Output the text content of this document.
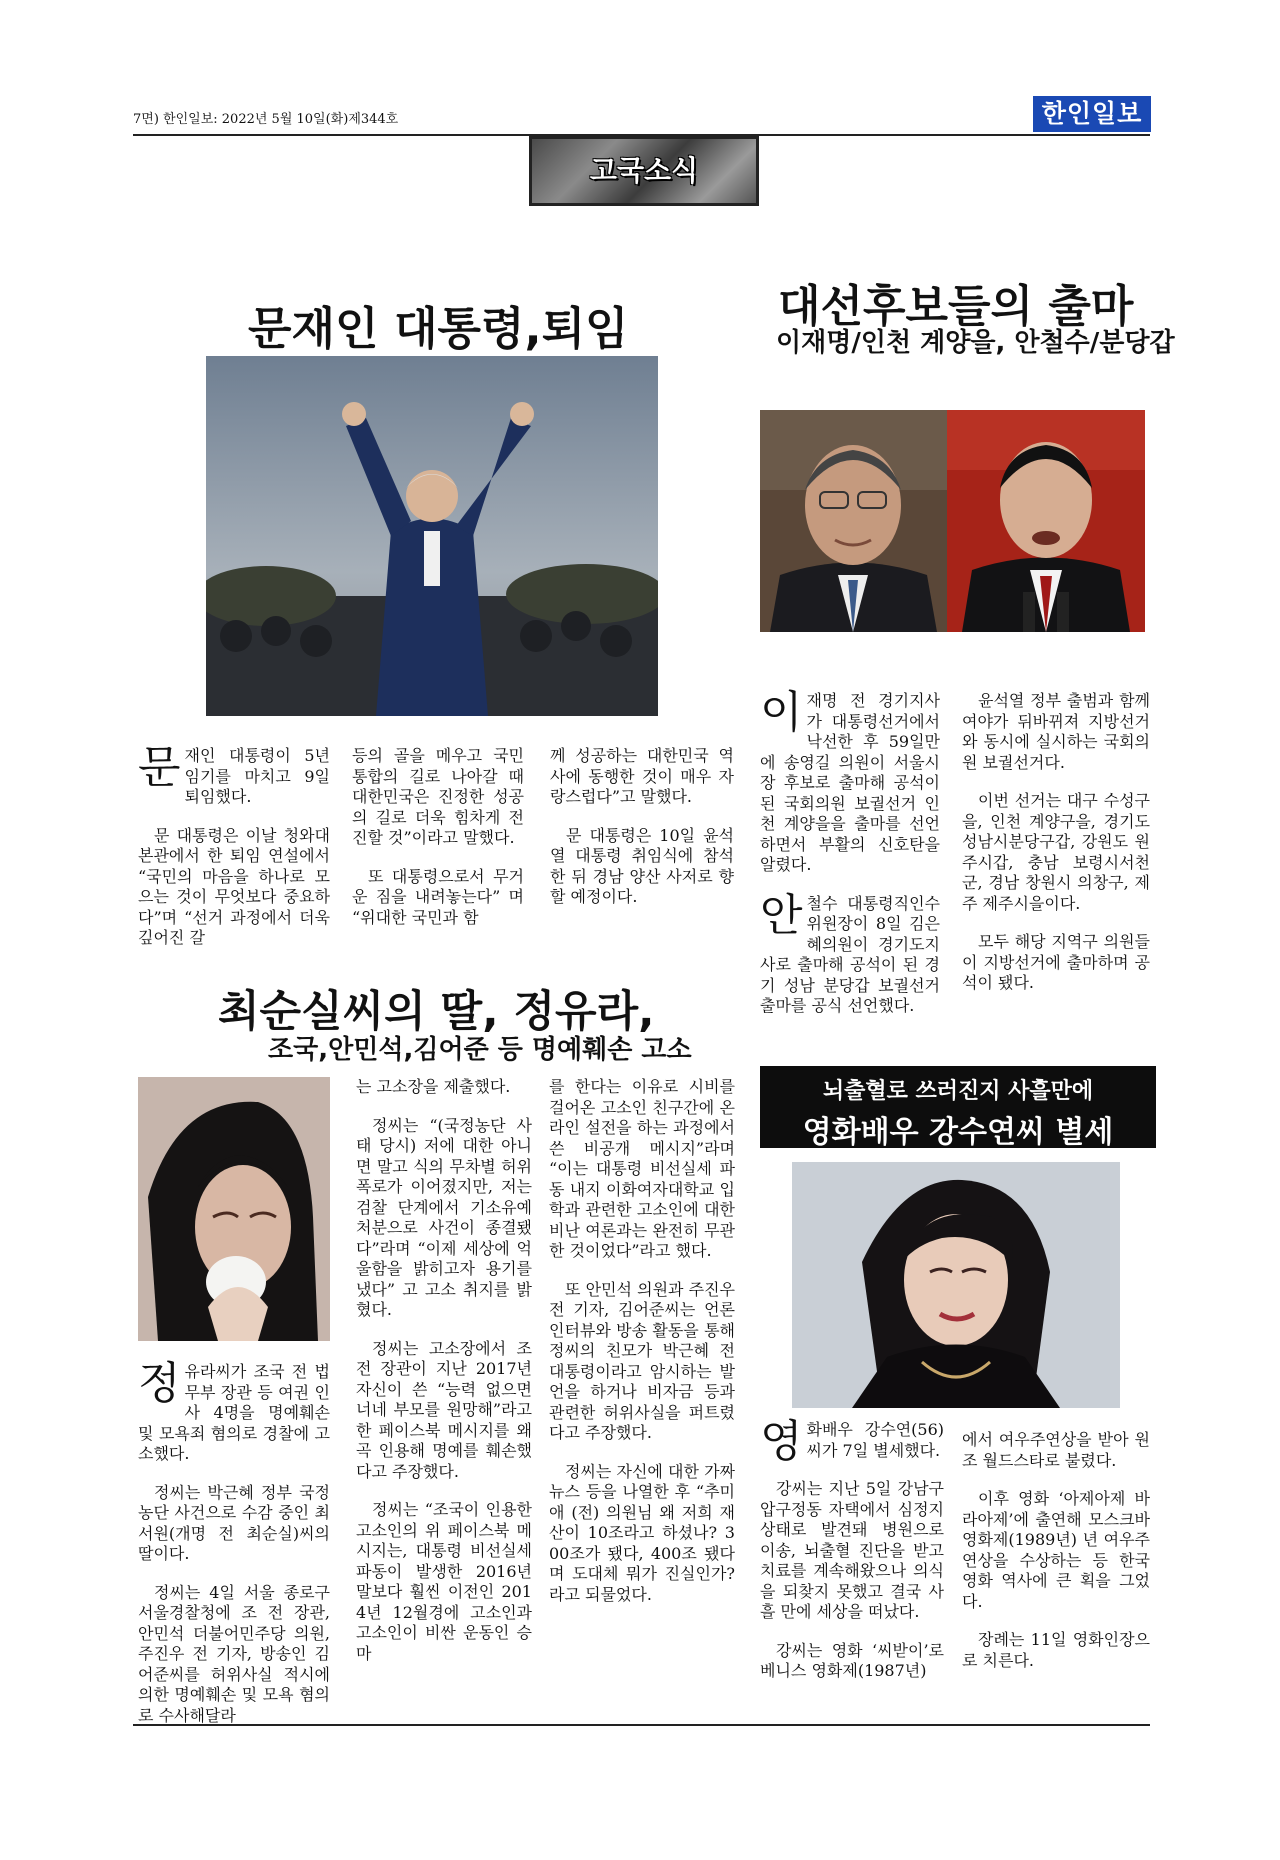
7면) 한인일보: 2022년 5월 10일(화)제344호	한인일보
고국소식
문재인 대통령,퇴임

문재인 대통령이 5년 임기를 마치고 9일 퇴임했다.

문 대통령은 이날 청와대 본관에서 한 퇴임 연설에서 “국민의 마음을 하나로 모으는 것이 무엇보다 중요하다”며 “선거 과정에서 더욱 깊어진 갈

등의 골을 메우고 국민 통합의 길로 나아갈 때 대한민국은 진정한 성공의 길로 더욱 힘차게 전진할 것”이라고 말했다.

또 대통령으로서 무거운 짐을 내려놓는다” 며 “위대한 국민과 함

께 성공하는 대한민국 역사에 동행한 것이 매우 자랑스럽다”고 말했다.

문 대통령은 10일 윤석열 대통령 취임식에 참석한 뒤 경남 양산 사저로 향할 예정이다.

대선후보들의 출마
이재명/인천 계양을, 안철수/분당갑

이재명 전 경기지사가 대통령선거에서 낙선한 후 59일만에 송영길 의원이 서울시장 후보로 출마해 공석이 된 국회의원 보궐선거 인천 계양을을 출마를 선언하면서 부활의 신호탄을 알렸다.

안철수 대통령직인수위원장이 8일 김은혜의원이 경기도지사로 출마해 공석이 된 경기 성남 분당갑 보궐선거 출마를 공식 선언했다.

윤석열 정부 출범과 함께 여야가 뒤바뀌져 지방선거와 동시에 실시하는 국회의원 보궐선거다.

이번 선거는 대구 수성구을, 인천 계양구을, 경기도 성남시분당구갑, 강원도 원주시갑, 충남 보령시서천군, 경남 창원시 의창구, 제주 제주시을이다.

모두 해당 지역구 의원들이 지방선거에 출마하며 공석이 됐다.

최순실씨의 딸, 정유라,
조국,안민석,김어준 등 명예훼손 고소

정유라씨가 조국 전 법무부 장관 등 여권 인사 4명을 명예훼손 및 모욕죄 혐의로 경찰에 고소했다.

정씨는 박근혜 정부 국정농단 사건으로 수감 중인 최서원(개명 전 최순실)씨의 딸이다.

정씨는 4일 서울 종로구 서울경찰청에 조 전 장관, 안민석 더불어민주당 의원, 주진우 전 기자, 방송인 김어준씨를 허위사실 적시에 의한 명예훼손 및 모욕 혐의로 수사해달라

는 고소장을 제출했다.

정씨는 “(국정농단 사태 당시) 저에 대한 아니면 말고 식의 무차별 허위 폭로가 이어졌지만, 저는 검찰 단계에서 기소유예 처분으로 사건이 종결됐다”라며 “이제 세상에 억울함을 밝히고자 용기를 냈다” 고 고소 취지를 밝혔다.

정씨는 고소장에서 조 전 장관이 지난 2017년 자신이 쓴 “능력 없으면 너네 부모를 원망해”라고 한 페이스북 메시지를 왜곡 인용해 명예를 훼손했다고 주장했다.

정씨는 “조국이 인용한 고소인의 위 페이스북 메시지는, 대통령 비선실세 파동이 발생한 2016년 말보다 훨씬 이전인 2014년 12월경에 고소인과 고소인이 비싼 운동인 승마

를 한다는 이유로 시비를 걸어온 고소인 친구간에 온라인 설전을 하는 과정에서 쓴 비공개 메시지”라며 “이는 대통령 비선실세 파동 내지 이화여자대학교 입학과 관련한 고소인에 대한 비난 여론과는 완전히 무관한 것이었다”라고 했다.

또 안민석 의원과 주진우 전 기자, 김어준씨는 언론 인터뷰와 방송 활동을 통해 정씨의 친모가 박근혜 전 대통령이라고 암시하는 발언을 하거나 비자금 등과 관련한 허위사실을 퍼트렸다고 주장했다.

정씨는 자신에 대한 가짜뉴스 등을 나열한 후 “추미애 (전) 의원님 왜 저희 재산이 10조라고 하셨나? 300조가 됐다, 400조 됐다며 도대체 뭐가 진실인가? 라고 되물었다.

뇌출혈로 쓰러진지 사흘만에
영화배우 강수연씨 별세

영화배우 강수연(56)씨가 7일 별세했다.

강씨는 지난 5일 강남구 압구정동 자택에서 심정지 상태로 발견돼 병원으로 이송, 뇌출혈 진단을 받고 치료를 계속해왔으나 의식을 되찾지 못했고 결국 사흘 만에 세상을 떠났다.

강씨는 영화 ‘씨받이’로 베니스 영화제(1987년)

에서 여우주연상을 받아 원조 월드스타로 불렸다.

이후 영화 ‘아제아제 바라아제’에 출연해 모스크바영화제(1989년) 년 여우주연상을 수상하는 등 한국 영화 역사에 큰 획을 그었다.

장례는 11일 영화인장으로 치른다.
